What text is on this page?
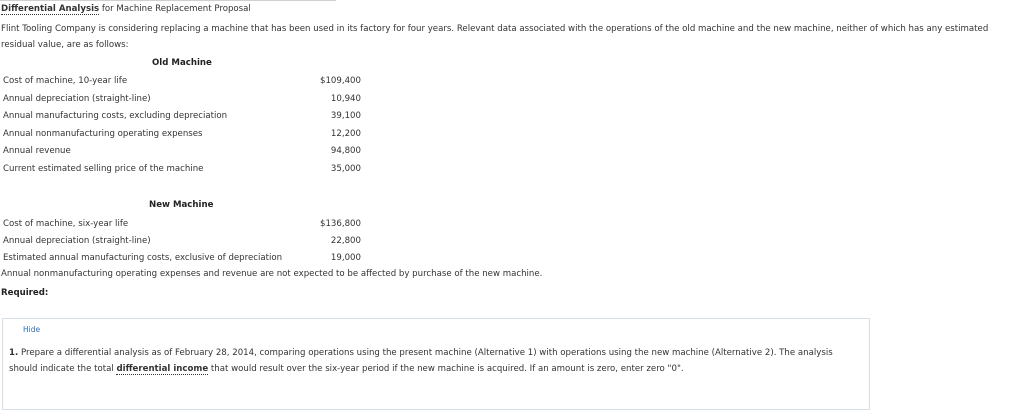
Differential Analysis for Machine Replacement Proposal
Flint Tooling Company is considering replacing a machine that has been used in its factory for four years. Relevant data associated with the operations of the old machine and the new machine, neither of which has any estimated residual value, are as follows:
Old Machine
Cost of machine, 10-year life	$109,400
Annual depreciation (straight-line)	10,940
Annual manufacturing costs, excluding depreciation	39,100
Annual nonmanufacturing operating expenses	12,200
Annual revenue	94,800
Current estimated selling price of the machine	35,000
New Machine
Cost of machine, six-year life	$136,800
Annual depreciation (straight-line)	22,800
Estimated annual manufacturing costs, exclusive of depreciation	19,000
Annual nonmanufacturing operating expenses and revenue are not expected to be affected by purchase of the new machine.
Required:
Hide
1. Prepare a differential analysis as of February 28, 2014, comparing operations using the present machine (Alternative 1) with operations using the new machine (Alternative 2). The analysis should indicate the total differential income that would result over the six-year period if the new machine is acquired. If an amount is zero, enter zero "0".
